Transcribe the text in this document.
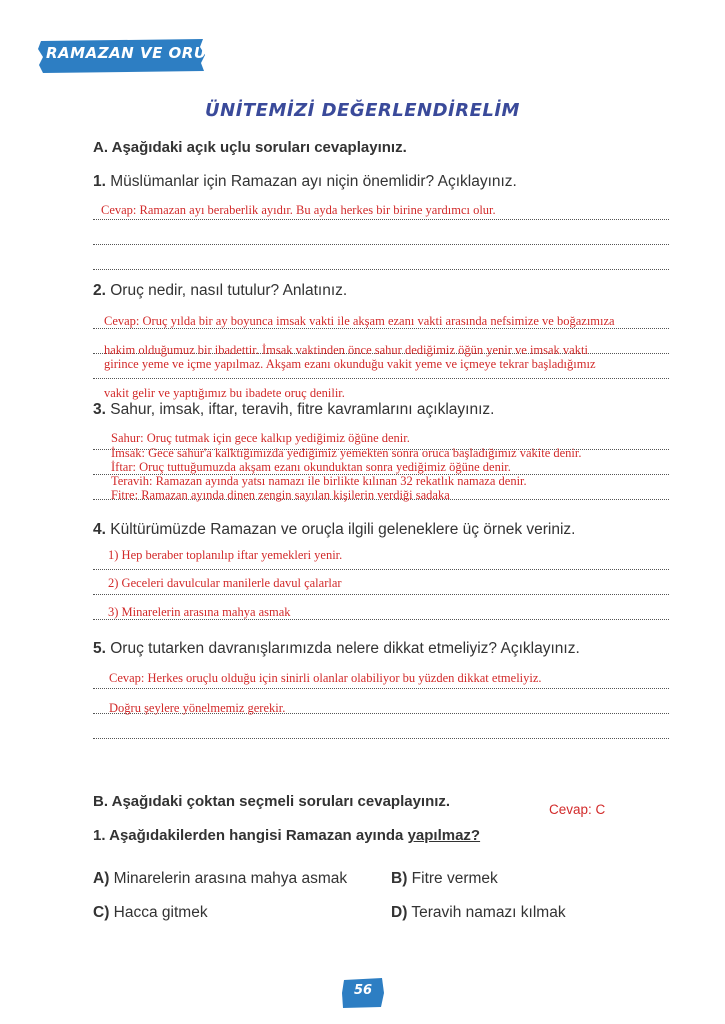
RAMAZAN VE ORUÇ
ÜNİTEMİZİ DEĞERLENDİRELİM
A. Aşağıdaki açık uçlu soruları cevaplayınız.
1. Müslümanlar için Ramazan ayı niçin önemlidir? Açıklayınız.
Cevap: Ramazan ayı beraberlik ayıdır. Bu ayda herkes bir birine yardımcı olur.
2. Oruç nedir, nasıl tutulur? Anlatınız.
Cevap: Oruç yılda bir ay boyunca imsak vakti ile akşam ezanı vakti arasında nefsimize ve boğazımıza
hakim olduğumuz bir ibadettir. İmsak vaktinden önce sahur dediğimiz öğün yenir ve imsak vakti
girince yeme ve içme yapılmaz. Akşam ezanı okunduğu vakit yeme ve içmeye tekrar başladığımız
vakit gelir ve yaptığımız bu ibadete oruç denilir.
3. Sahur, imsak, iftar, teravih, fitre kavramlarını açıklayınız.
Sahur: Oruç tutmak için gece kalkıp yediğimiz öğüne denir.
İmsak: Gece sahur'a kalktığımızda yediğimiz yemekten sonra oruca başladığımız vakite denir.
İftar: Oruç tuttuğumuzda akşam ezanı okunduktan sonra yediğimiz öğüne denir.
Teravih: Ramazan ayında yatsı namazı ile birlikte kılınan 32 rekatlık namaza denir.
Fitre: Ramazan ayında dinen zengin sayılan kişilerin verdiği sadaka
4. Kültürümüzde Ramazan ve oruçla ilgili geleneklere üç örnek veriniz.
1) Hep beraber toplanılıp iftar yemekleri yenir.
2) Geceleri davulcular manilerle davul çalarlar
3) Minarelerin arasına mahya asmak
5. Oruç tutarken davranışlarımızda nelere dikkat etmeliyiz? Açıklayınız.
Cevap: Herkes oruçlu olduğu için sinirli olanlar olabiliyor bu yüzden dikkat etmeliyiz.
Doğru şeylere yönelmemiz gerekir.
B. Aşağıdaki çoktan seçmeli soruları cevaplayınız.	Cevap: C
1. Aşağıdakilerden hangisi Ramazan ayında yapılmaz?
A) Minarelerin arasına mahya asmak	B) Fitre vermek
C) Hacca gitmek	D) Teravih namazı kılmak
56
